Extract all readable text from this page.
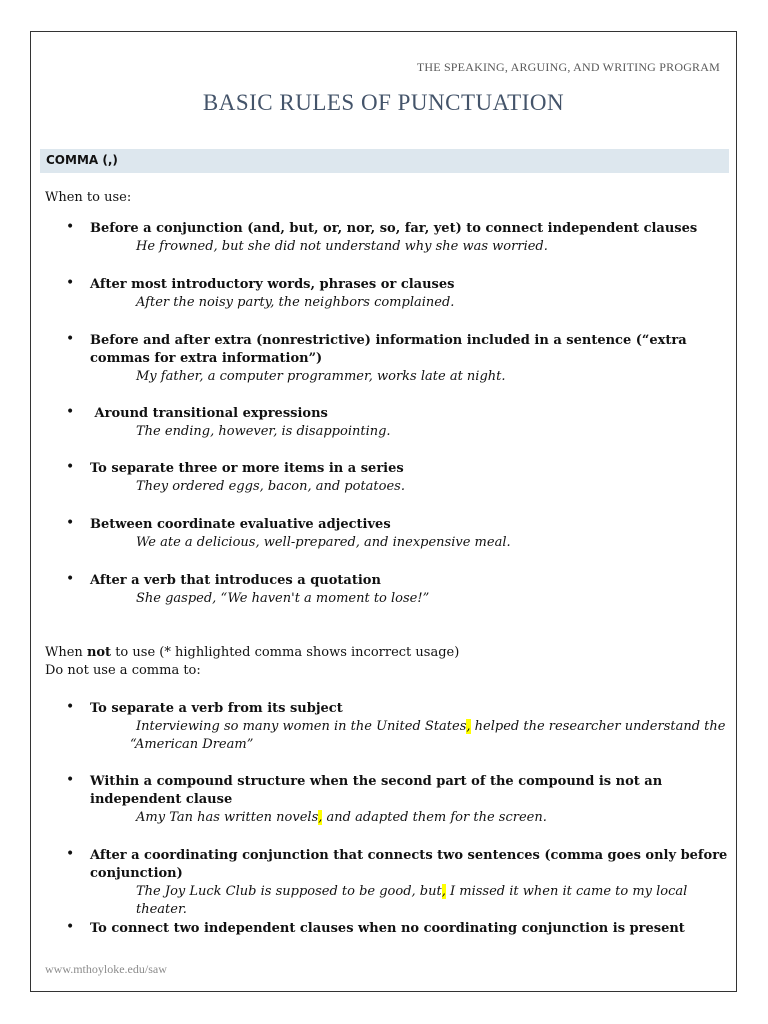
THE SPEAKING, ARGUING, AND WRITING PROGRAM
BASIC RULES OF PUNCTUATION
COMMA (,)
When to use:
• Before a conjunction (and, but, or, nor, so, far, yet) to connect independent clauses
He frowned, but she did not understand why she was worried.
• After most introductory words, phrases or clauses
After the noisy party, the neighbors complained.
• Before and after extra (nonrestrictive) information included in a sentence (“extra commas for extra information”)
My father, a computer programmer, works late at night.
• Around transitional expressions
The ending, however, is disappointing.
• To separate three or more items in a series
They ordered eggs, bacon, and potatoes.
• Between coordinate evaluative adjectives
We ate a delicious, well-prepared, and inexpensive meal.
• After a verb that introduces a quotation
She gasped, “We haven't a moment to lose!”
When not to use (* highlighted comma shows incorrect usage)
Do not use a comma to:
• To separate a verb from its subject
Interviewing so many women in the United States, helped the researcher understand the
“American Dream”
• Within a compound structure when the second part of the compound is not an independent clause
Amy Tan has written novels, and adapted them for the screen.
• After a coordinating conjunction that connects two sentences (comma goes only before conjunction)
The Joy Luck Club is supposed to be good, but, I missed it when it came to my local theater.
• To connect two independent clauses when no coordinating conjunction is present
www.mthoyloke.edu/saw
